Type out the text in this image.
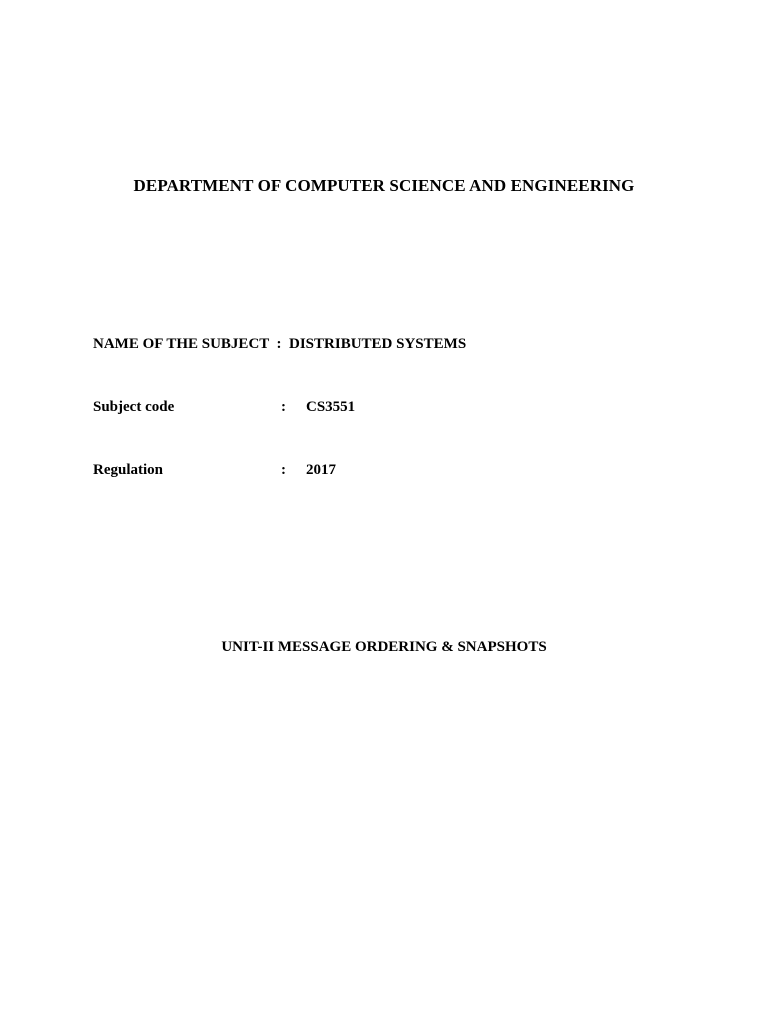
DEPARTMENT OF COMPUTER SCIENCE AND ENGINEERING
NAME OF THE SUBJECT : DISTRIBUTED SYSTEMS
Subject code	: CS3551
Regulation	: 2017
UNIT-II MESSAGE ORDERING & SNAPSHOTS
